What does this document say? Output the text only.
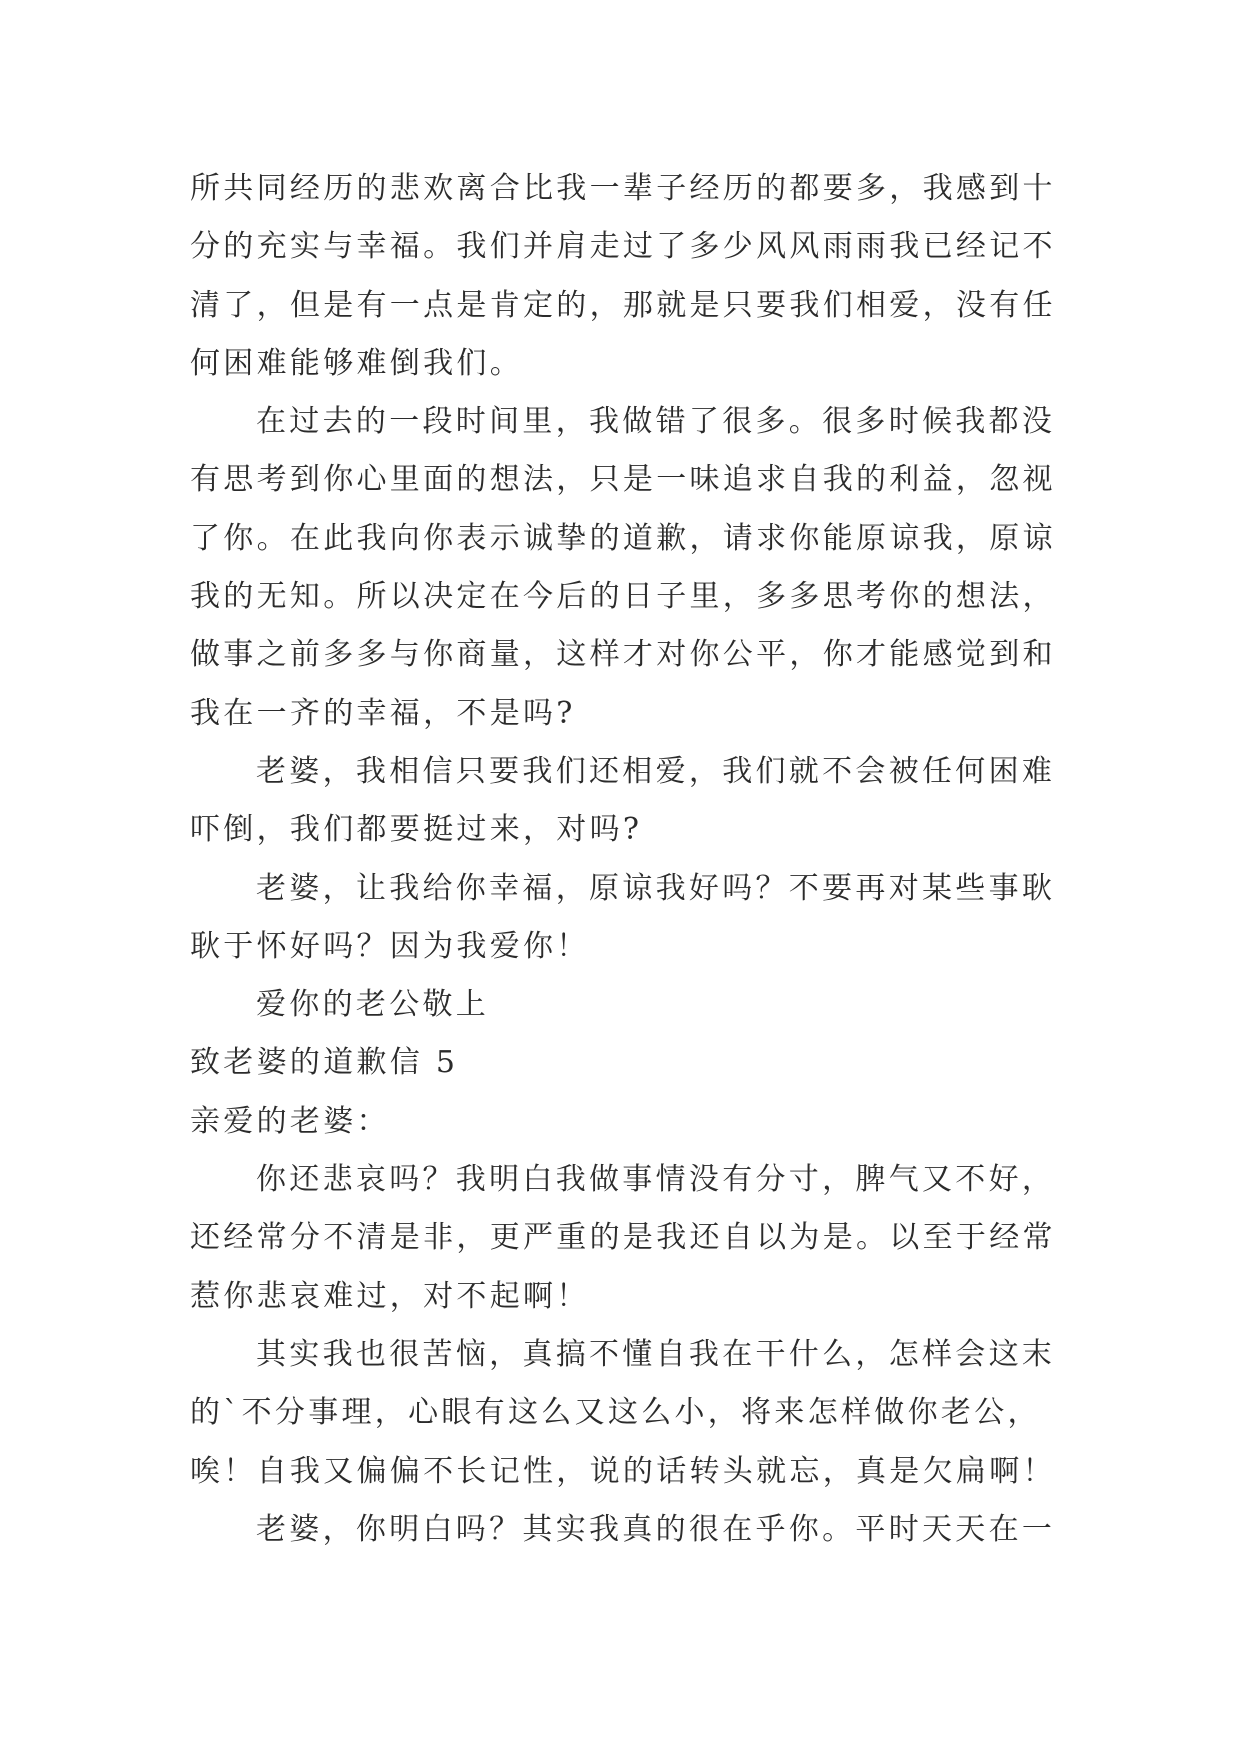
所共同经历的悲欢离合比我一辈子经历的都要多，我感到十
分的充实与幸福。我们并肩走过了多少风风雨雨我已经记不
清了，但是有一点是肯定的，那就是只要我们相爱，没有任
何困难能够难倒我们。
在过去的一段时间里，我做错了很多。很多时候我都没
有思考到你心里面的想法，只是一味追求自我的利益，忽视
了你。在此我向你表示诚挚的道歉，请求你能原谅我，原谅
我的无知。所以决定在今后的日子里，多多思考你的想法，
做事之前多多与你商量，这样才对你公平，你才能感觉到和
我在一齐的幸福，不是吗?
老婆，我相信只要我们还相爱，我们就不会被任何困难
吓倒，我们都要挺过来，对吗?
老婆，让我给你幸福，原谅我好吗？不要再对某些事耿
耿于怀好吗？因为我爱你！
爱你的老公敬上
致老婆的道歉信 5
亲爱的老婆：
你还悲哀吗？我明白我做事情没有分寸，脾气又不好，
还经常分不清是非，更严重的是我还自以为是。以至于经常
惹你悲哀难过，对不起啊！
其实我也很苦恼，真搞不懂自我在干什么，怎样会这末
的`不分事理，心眼有这么又这么小，将来怎样做你老公，
唉！自我又偏偏不长记性，说的话转头就忘，真是欠扁啊！
老婆，你明白吗？其实我真的很在乎你。平时天天在一
